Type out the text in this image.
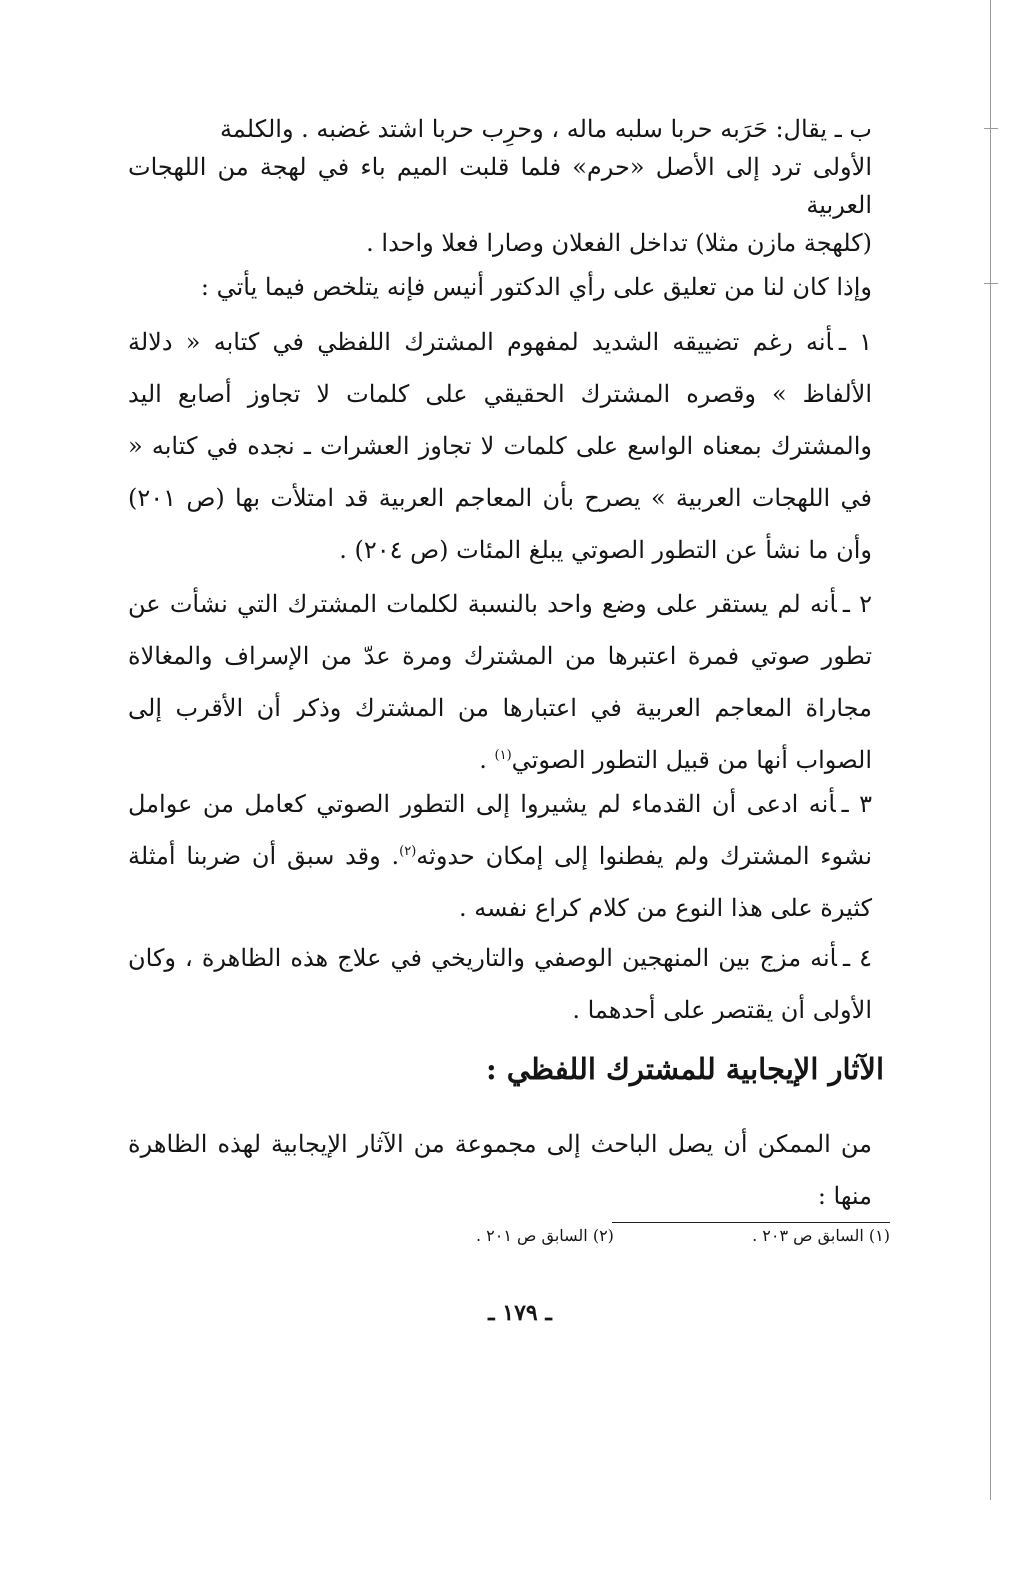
ب ـ يقال: حَرَبه حربا سلبه ماله ، وحرِب حربا اشتد غضبه . والكلمة

الأولى ترد إلى الأصل «حرم» فلما قلبت الميم باء في لهجة من اللهجات العربية

(كلهجة مازن مثلا) تداخل الفعلان وصارا فعلا واحدا .

وإذا كان لنا من تعليق على رأي الدكتور أنيس فإنه يتلخص فيما يأتي :

١ ـأنه رغم تضييقه الشديد لمفهوم المشترك اللفظي في كتابه « دلالة الألفاظ » وقصره المشترك الحقيقي على كلمات لا تجاوز أصابع اليد والمشترك بمعناه الواسع على كلمات لا تجاوز العشرات ـ نجده في كتابه « في اللهجات العربية » يصرح بأن المعاجم العربية قد امتلأت بها (ص ٢٠١) وأن ما نشأ عن التطور الصوتي يبلغ المئات (ص ٢٠٤) .

٢ ـأنه لم يستقر على وضع واحد بالنسبة لكلمات المشترك التي نشأت عن تطور صوتي فمرة اعتبرها من المشترك ومرة عدّ من الإسراف والمغالاة مجاراة المعاجم العربية في اعتبارها من المشترك وذكر أن الأقرب إلى الصواب أنها من قبيل التطور الصوتي$^{(١)}$ .

٣ ـأنه ادعى أن القدماء لم يشيروا إلى التطور الصوتي كعامل من عوامل نشوء المشترك ولم يفطنوا إلى إمكان حدوثه$^{(٢)}$. وقد سبق أن ضربنا أمثلة كثيرة على هذا النوع من كلام كراع نفسه .

٤ ـأنه مزج بين المنهجين الوصفي والتاريخي في علاج هذه الظاهرة ، وكان الأولى أن يقتصر على أحدهما .

الآثار الإيجابية للمشترك اللفظي :

من الممكن أن يصل الباحث إلى مجموعة من الآثار الإيجابية لهذه الظاهرة منها :

(١) السابق ص ٢٠٣ .  (٢) السابق ص ٢٠١ .
ـ ١٧٩ ـ
